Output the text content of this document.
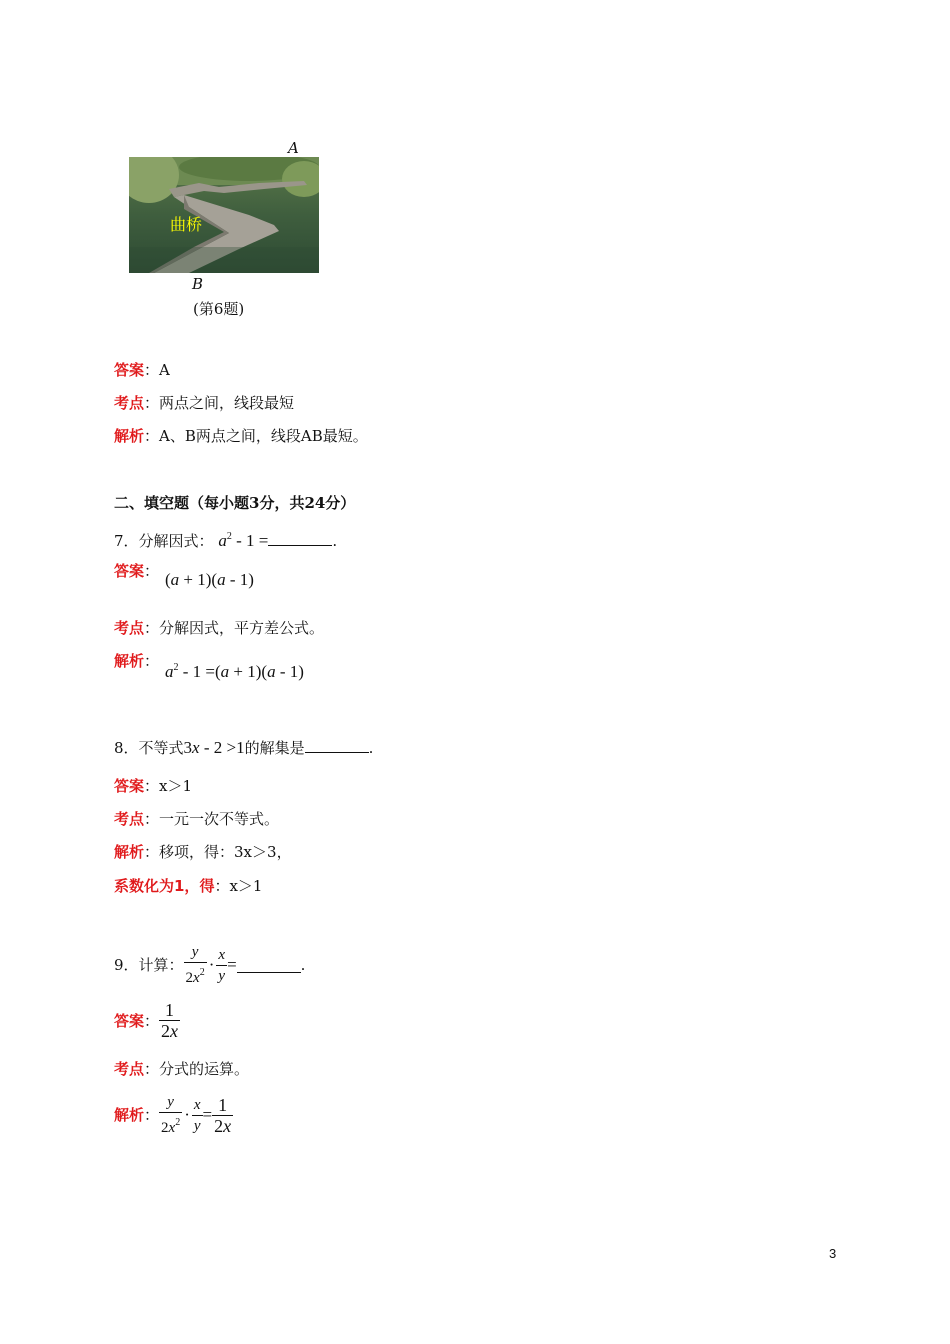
A
曲桥
B
(第6题)
答案：A
考点：两点之间，线段最短
解析：A、B两点之间，线段AB最短。
二、填空题（每小题3分，共24分）
7．分解因式： $a^2 - 1$ =	.
答案： (a + 1)(a - 1)
考点：分解因式，平方差公式。
解析：
$a^2 - 1 =(a + 1)(a - 1)$
8．不等式3x - 2 >1的解集是	.
答案：x＞1
考点：一元一次不等式。
解析：移项，得：3x＞3，
系数化为1，得：x＞1
9．计算： $\frac{y}{2x^2} \cdot \frac{x}{y}$ =	.
答案 ： $\frac{1}{2x}$
考点：分式的运算。
解析 ： $\frac{y}{2x^2} \cdot \frac{x}{y} = \frac{1}{2x}$
3
